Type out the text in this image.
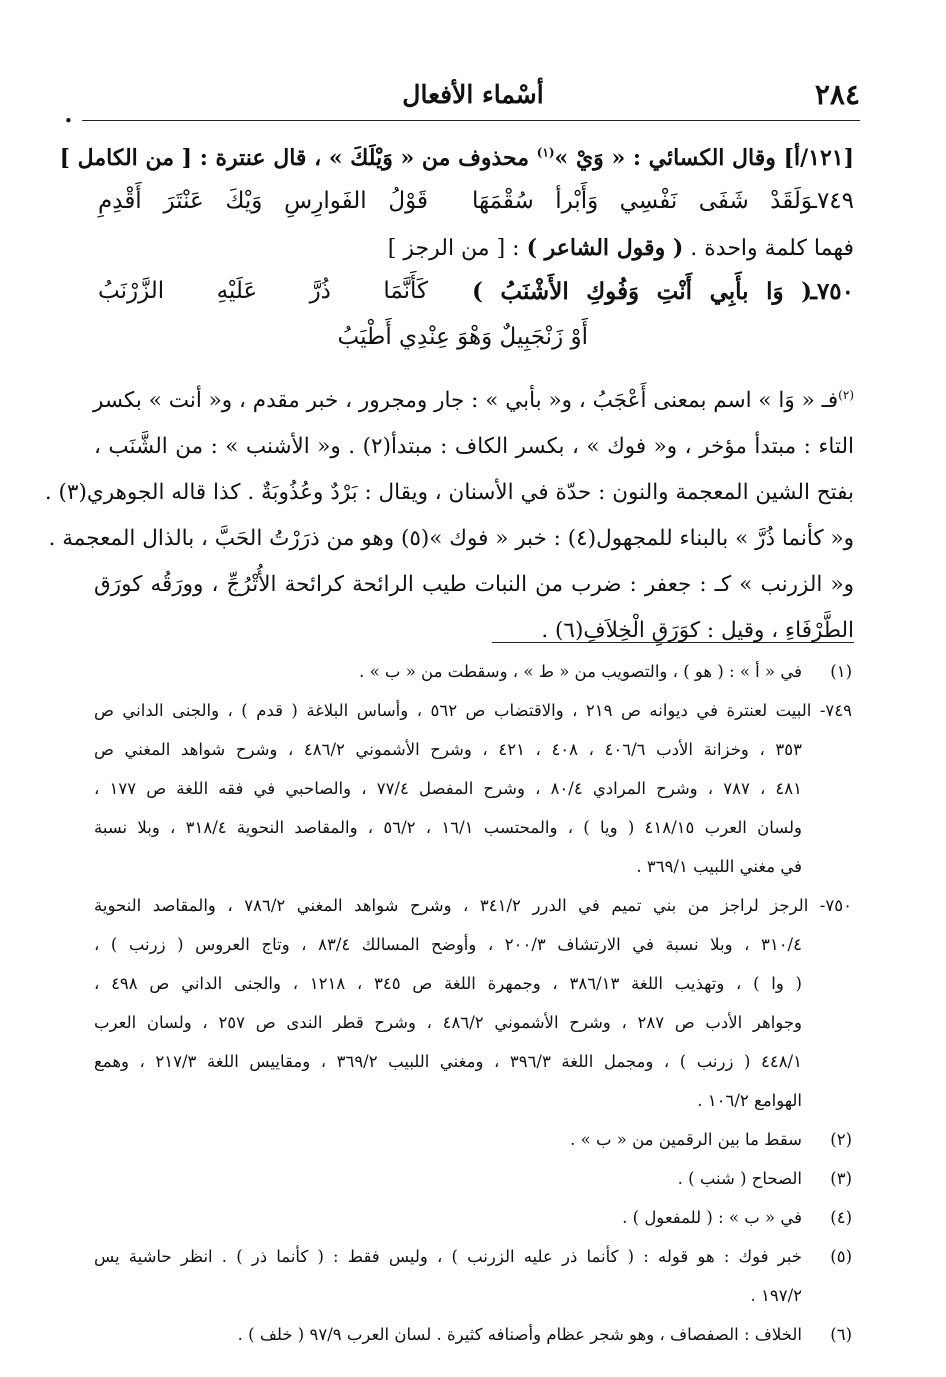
٢٨٤
أسْماء الأفعال
•
[١٢١/أ] وقال الكسائي : « وَيْ »$^{(١)}$ محذوف من « وَيْلَكَ » ، قال عنترة : [ من الكامل ]
٧٤٩ـ
وَلَقَدْ شَفَى نَفْسِي وَأَبْرأ سُقْمَهَا
قَوْلُ الفَوارِسِ وَيْكَ عَنْتَرَ أَقْدِمِ
فهما كلمة واحدة . ( وقول الشاعر ) : [ من الرجز ]
٧٥٠ـ
( وَا بأَبِي أَنْتِ وَفُوكِ الأَشْنَبُ )
كَأَنَّمَا ذُرَّ عَلَيْهِ الزَّرْنَبُ
أَوْ زَنْجَبِيلٌ وَهْوَ عِنْدِي أَطْيَبُ
$^{(٢)}$فـ « وَا » اسم بمعنى أَعْجَبُ ، و« بأبي » : جار ومجرور ، خبر مقدم ، و« أنت » بكسر
التاء : مبتدأ مؤخر ، و« فوك » ، بكسر الكاف : مبتدأ(٢) . و« الأشنب » : من الشَّنَب ،
بفتح الشين المعجمة والنون : حدّة في الأسنان ، ويقال : بَرْدٌ وعُذُوبَةٌ . كذا قاله الجوهري(٣) .
و« كأنما ذُرَّ » بالبناء للمجهول(٤) : خبر « فوك »(٥) وهو من ذرَرْتُ الحَبَّ ، بالذال المعجمة .
و« الزرنب » كـ : جعفر : ضرب من النبات طيب الرائحة كرائحة الأُتْرُجِّ ، وورَقُه كورَق
الطَّرْفَاءِ ، وقيل : كوَرَقِ الْخِلاَفِ(٦) .
(١)
في « أ » : ( هو ) ، والتصويب من « ط » ، وسقطت من « ب » .
٧٤٩- البيت لعنترة في ديوانه ص ٢١٩ ، والاقتضاب ص ٥٦٢ ، وأساس البلاغة ( قدم ) ، والجنى الداني ص
٣٥٣ ، وخزانة الأدب ٤٠٦/٦ ، ٤٠٨ ، ٤٢١ ، وشرح الأشموني ٤٨٦/٢ ، وشرح شواهد المغني ص
٤٨١ ، ٧٨٧ ، وشرح المرادي ٨٠/٤ ، وشرح المفصل ٧٧/٤ ، والصاحبي في فقه اللغة ص ١٧٧ ،
ولسان العرب ٤١٨/١٥ ( ويا ) ، والمحتسب ١٦/١ ، ٥٦/٢ ، والمقاصد النحوية ٣١٨/٤ ، وبلا نسبة
في مغني اللبيب ٣٦٩/١ .
٧٥٠- الرجز لراجز من بني تميم في الدرر ٣٤١/٢ ، وشرح شواهد المغني ٧٨٦/٢ ، والمقاصد النحوية
٣١٠/٤ ، وبلا نسبة في الارتشاف ٢٠٠/٣ ، وأوضح المسالك ٨٣/٤ ، وتاج العروس ( زرنب ) ،
( وا ) ، وتهذيب اللغة ٣٨٦/١٣ ، وجمهرة اللغة ص ٣٤٥ ، ١٢١٨ ، والجنى الداني ص ٤٩٨ ،
وجواهر الأدب ص ٢٨٧ ، وشرح الأشموني ٤٨٦/٢ ، وشرح قطر الندى ص ٢٥٧ ، ولسان العرب
٤٤٨/١ ( زرنب ) ، ومجمل اللغة ٣٩٦/٣ ، ومغني اللبيب ٣٦٩/٢ ، ومقاييس اللغة ٢١٧/٣ ، وهمع
الهوامع ١٠٦/٢ .
(٢)
سقط ما بين الرقمين من « ب » .
(٣)
الصحاح ( شنب ) .
(٤)
في « ب » : ( للمفعول ) .
(٥)
خبر فوك : هو قوله : ( كأنما ذر عليه الزرنب ) ، وليس فقط : ( كأنما ذر ) . انظر حاشية يس
١٩٧/٢ .
(٦)
الخلاف : الصفصاف ، وهو شجر عظام وأصنافه كثيرة . لسان العرب ٩٧/٩ ( خلف ) .
